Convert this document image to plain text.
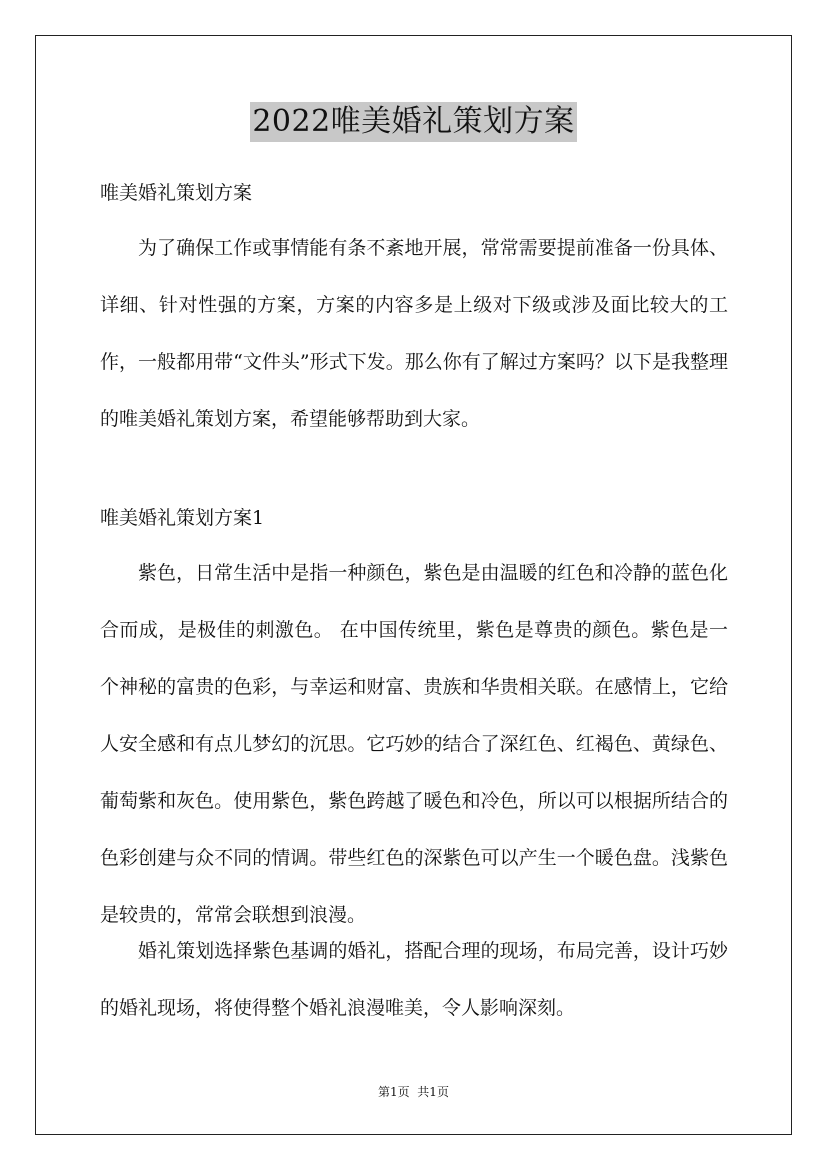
2022唯美婚礼策划方案
唯美婚礼策划方案

为了确保工作或事情能有条不紊地开展，常常需要提前准备一份具体、详细、针对性强的方案，方案的内容多是上级对下级或涉及面比较大的工作，一般都用带“文件头”形式下发。那么你有了解过方案吗？以下是我整理的唯美婚礼策划方案，希望能够帮助到大家。

唯美婚礼策划方案1

紫色，日常生活中是指一种颜色，紫色是由温暖的红色和冷静的蓝色化合而成，是极佳的刺激色。 在中国传统里，紫色是尊贵的颜色。紫色是一个神秘的富贵的色彩，与幸运和财富、贵族和华贵相关联。在感情上，它给人安全感和有点儿梦幻的沉思。它巧妙的结合了深红色、红褐色、黄绿色、葡萄紫和灰色。使用紫色，紫色跨越了暖色和冷色，所以可以根据所结合的色彩创建与众不同的情调。带些红色的深紫色可以产生一个暖色盘。浅紫色是较贵的，常常会联想到浪漫。

婚礼策划选择紫色基调的婚礼，搭配合理的现场，布局完善，设计巧妙的婚礼现场，将使得整个婚礼浪漫唯美，令人影响深刻。

第1页  共1页
